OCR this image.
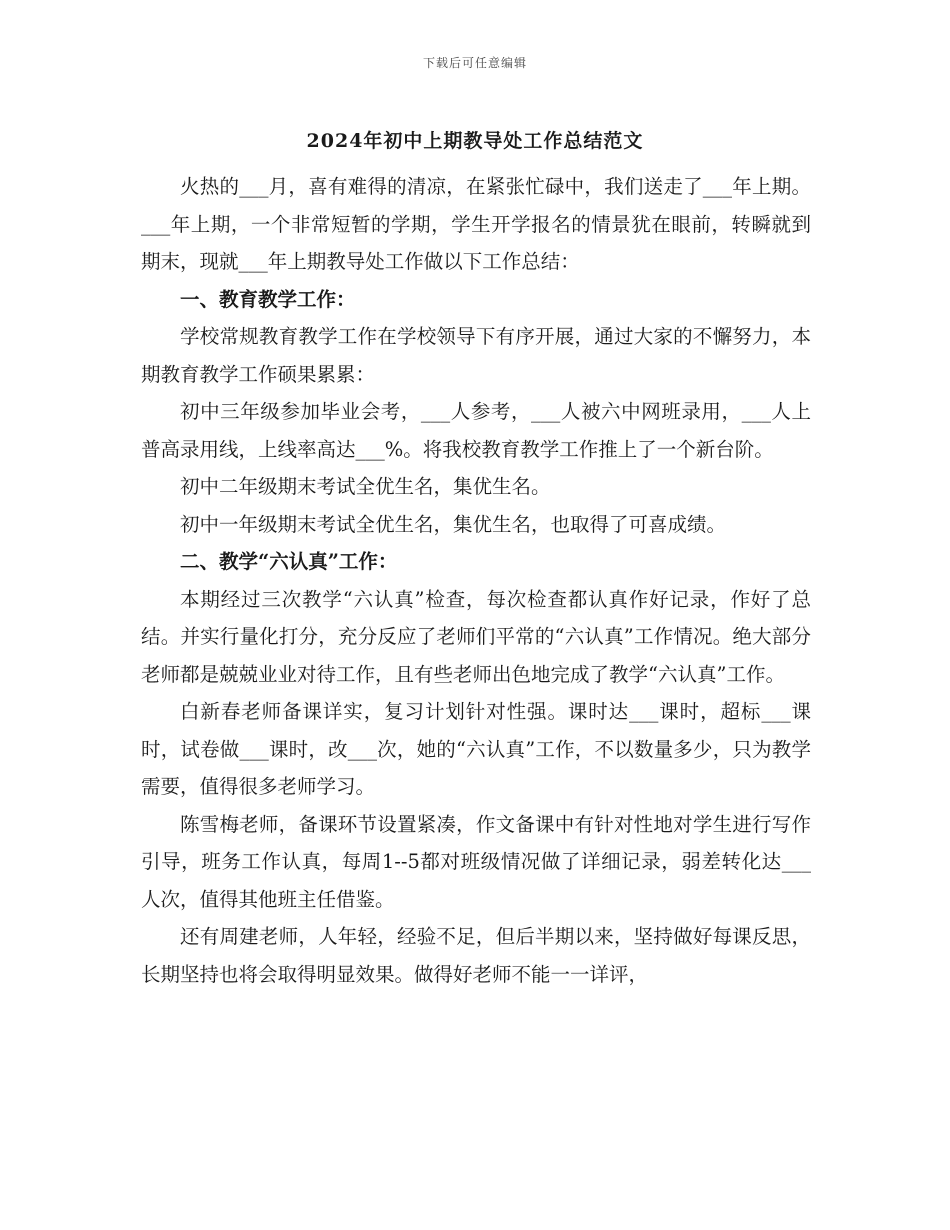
下载后可任意编辑
2024年初中上期教导处工作总结范文

火热的___月，喜有难得的清凉，在紧张忙碌中，我们送走了___年上期。___年上期，一个非常短暂的学期，学生开学报名的情景犹在眼前，转瞬就到期末，现就___年上期教导处工作做以下工作总结：

一、教育教学工作：

学校常规教育教学工作在学校领导下有序开展，通过大家的不懈努力，本期教育教学工作硕果累累：

初中三年级参加毕业会考，___人参考，___人被六中网班录用，___人上普高录用线，上线率高达___%。将我校教育教学工作推上了一个新台阶。

初中二年级期末考试全优生名，集优生名。

初中一年级期末考试全优生名，集优生名，也取得了可喜成绩。

二、教学“六认真”工作：

本期经过三次教学“六认真”检查，每次检查都认真作好记录，作好了总结。并实行量化打分，充分反应了老师们平常的“六认真”工作情况。绝大部分老师都是兢兢业业对待工作，且有些老师出色地完成了教学“六认真”工作。

白新春老师备课详实，复习计划针对性强。课时达___课时，超标___课时，试卷做___课时，改___次，她的“六认真”工作，不以数量多少，只为教学需要，值得很多老师学习。

陈雪梅老师，备课环节设置紧凑，作文备课中有针对性地对学生进行写作引导，班务工作认真，每周1--5都对班级情况做了详细记录，弱差转化达___人次，值得其他班主任借鉴。

还有周建老师，人年轻，经验不足，但后半期以来，坚持做好每课反思，长期坚持也将会取得明显效果。做得好老师不能一一详评，
